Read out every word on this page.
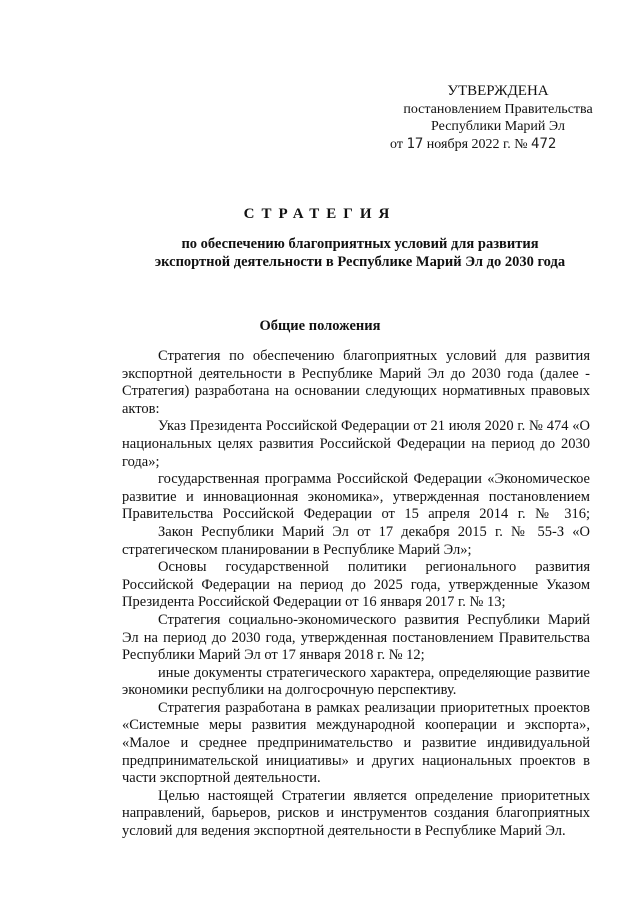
УТВЕРЖДЕНА
постановлением Правительства
Республики Марий Эл
от 17 ноября 2022 г. № 472
СТРАТЕГИЯ
по обеспечению благоприятных условий для развития
экспортной деятельности в Республике Марий Эл до 2030 года
Общие положения

Стратегия по обеспечению благоприятных условий для развития экспортной деятельности в Республике Марий Эл до 2030 года (далее - Стратегия) разработана на основании следующих нормативных правовых актов:

Указ Президента Российской Федерации от 21 июля 2020 г. № 474 «О национальных целях развития Российской Федерации на период до 2030 года»;

государственная программа Российской Федерации «Экономическое развитие и инновационная экономика», утвержденная постановлением Правительства Российской Федерации от 15 апреля 2014 г. № 316;

Закон Республики Марий Эл от 17 декабря 2015 г. № 55-З «О стратегическом планировании в Республике Марий Эл»;

Основы государственной политики регионального развития Российской Федерации на период до 2025 года, утвержденные Указом Президента Российской Федерации от 16 января 2017 г. № 13;

Стратегия социально-экономического развития Республики Марий Эл на период до 2030 года, утвержденная постановлением Правительства Республики Марий Эл от 17 января 2018 г. № 12;

иные документы стратегического характера, определяющие развитие экономики республики на долгосрочную перспективу.

Стратегия разработана в рамках реализации приоритетных проектов «Системные меры развития международной кооперации и экспорта», «Малое и среднее предпринимательство и развитие индивидуальной предпринимательской инициативы» и других национальных проектов в части экспортной деятельности.

Целью настоящей Стратегии является определение приоритетных направлений, барьеров, рисков и инструментов создания благоприятных условий для ведения экспортной деятельности в Республике Марий Эл.
